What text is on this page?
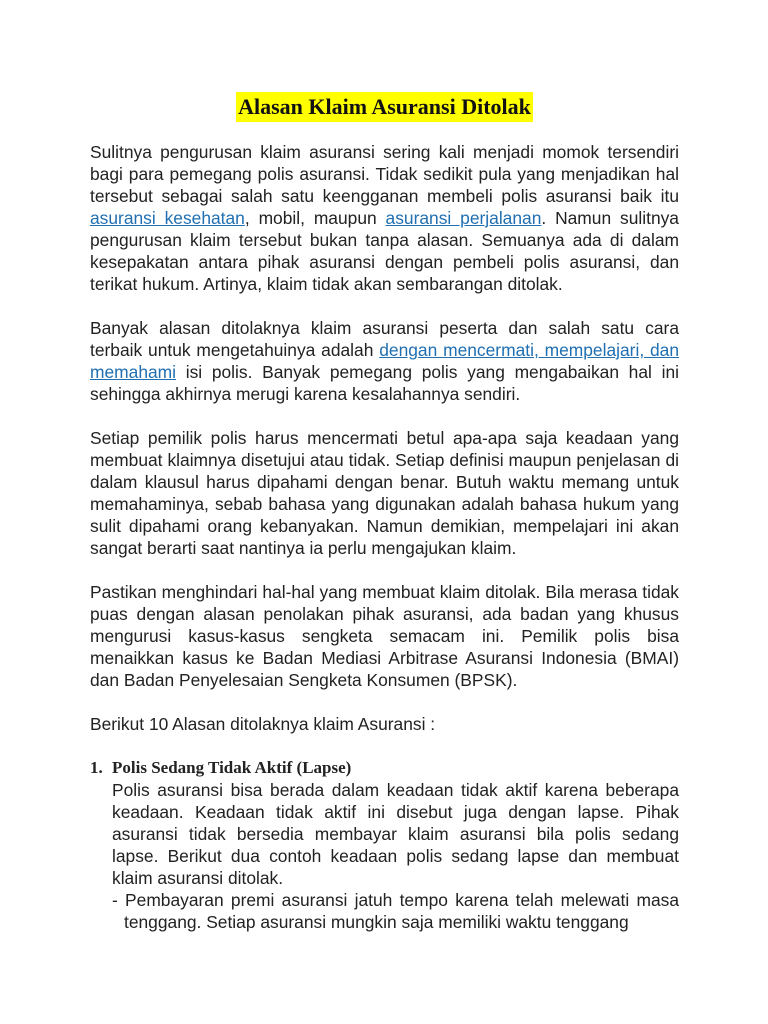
Alasan Klaim Asuransi Ditolak

Sulitnya pengurusan klaim asuransi sering kali menjadi momok tersendiri bagi para pemegang polis asuransi. Tidak sedikit pula yang menjadikan hal tersebut sebagai salah satu keengganan membeli polis asuransi baik itu asuransi kesehatan, mobil, maupun asuransi perjalanan. Namun sulitnya pengurusan klaim tersebut bukan tanpa alasan. Semuanya ada di dalam kesepakatan antara pihak asuransi dengan pembeli polis asuransi, dan terikat hukum. Artinya, klaim tidak akan sembarangan ditolak.

Banyak alasan ditolaknya klaim asuransi peserta dan salah satu cara terbaik untuk mengetahuinya adalah dengan mencermati, mempelajari, dan memahami isi polis. Banyak pemegang polis yang mengabaikan hal ini sehingga akhirnya merugi karena kesalahannya sendiri.

Setiap pemilik polis harus mencermati betul apa-apa saja keadaan yang membuat klaimnya disetujui atau tidak. Setiap definisi maupun penjelasan di dalam klausul harus dipahami dengan benar. Butuh waktu memang untuk memahaminya, sebab bahasa yang digunakan adalah bahasa hukum yang sulit dipahami orang kebanyakan. Namun demikian, mempelajari ini akan sangat berarti saat nantinya ia perlu mengajukan klaim.

Pastikan menghindari hal-hal yang membuat klaim ditolak. Bila merasa tidak puas dengan alasan penolakan pihak asuransi, ada badan yang khusus mengurusi kasus-kasus sengketa semacam ini. Pemilik polis bisa menaikkan kasus ke Badan Mediasi Arbitrase Asuransi Indonesia (BMAI) dan Badan Penyelesaian Sengketa Konsumen (BPSK).

Berikut 10 Alasan ditolaknya klaim Asuransi :

1. Polis Sedang Tidak Aktif (Lapse)

Polis asuransi bisa berada dalam keadaan tidak aktif karena beberapa keadaan. Keadaan tidak aktif ini disebut juga dengan lapse. Pihak asuransi tidak bersedia membayar klaim asuransi bila polis sedang lapse. Berikut dua contoh keadaan polis sedang lapse dan membuat klaim asuransi ditolak.

- Pembayaran premi asuransi jatuh tempo karena telah melewati masa tenggang. Setiap asuransi mungkin saja memiliki waktu tenggang
